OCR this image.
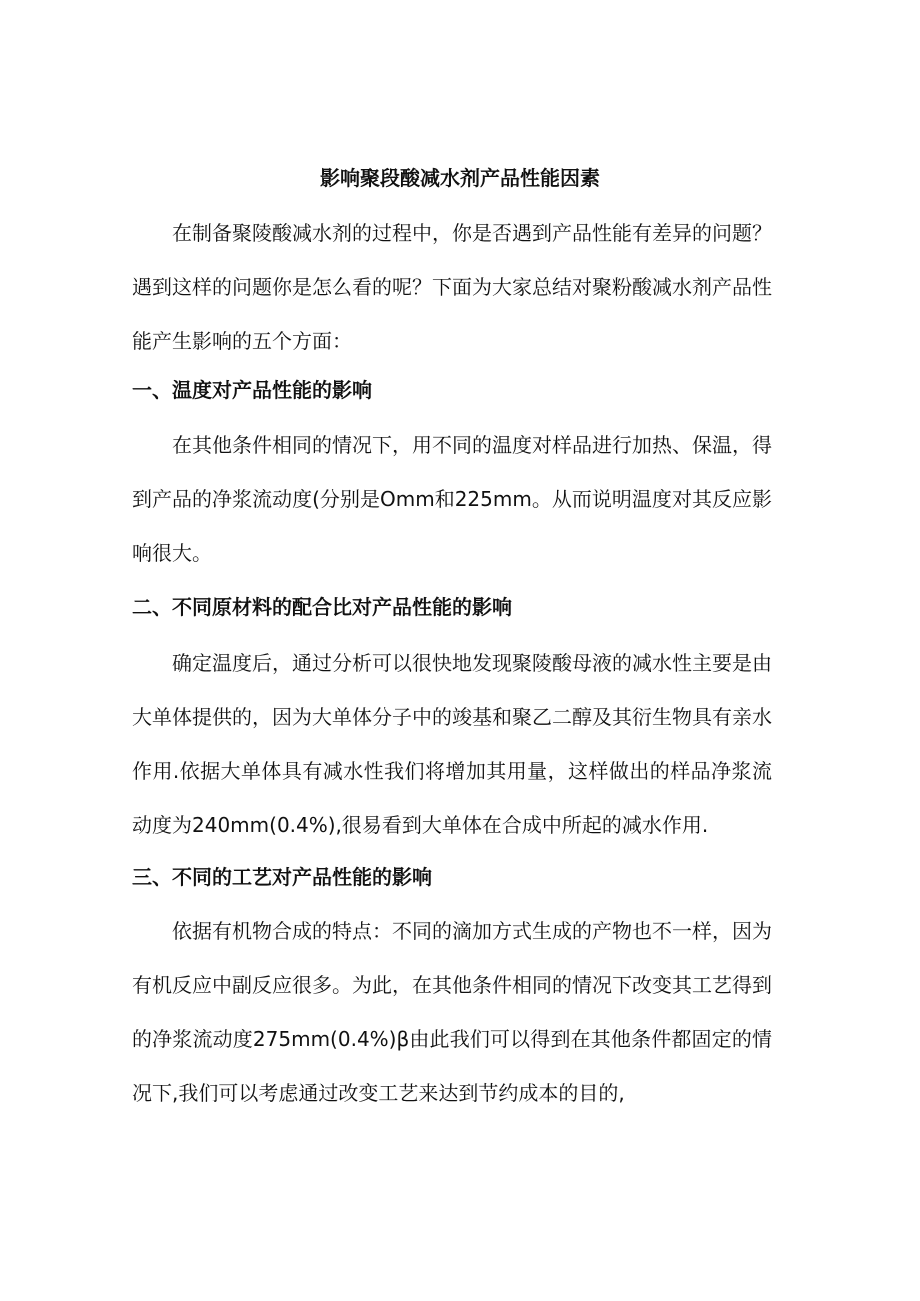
影响聚段酸减水剂产品性能因素
在制备聚陵酸减水剂的过程中，你是否遇到产品性能有差异的问题？遇到这样的问题你是怎么看的呢？下面为大家总结对聚粉酸减水剂产品性能产生影响的五个方面：
一、温度对产品性能的影响
在其他条件相同的情况下，用不同的温度对样品进行加热、保温，得到产品的净浆流动度(分别是Omm和225mm。从而说明温度对其反应影响很大。
二、不同原材料的配合比对产品性能的影响
确定温度后，通过分析可以很快地发现聚陵酸母液的减水性主要是由大单体提供的，因为大单体分子中的竣基和聚乙二醇及其衍生物具有亲水作用.依据大单体具有减水性我们将增加其用量，这样做出的样品净浆流动度为240mm(0.4%),很易看到大单体在合成中所起的减水作用.
三、不同的工艺对产品性能的影响
依据有机物合成的特点：不同的滴加方式生成的产物也不一样，因为有机反应中副反应很多。为此，在其他条件相同的情况下改变其工艺得到的净浆流动度275mm(0.4%)β由此我们可以得到在其他条件都固定的情况下,我们可以考虑通过改变工艺来达到节约成本的目的,
